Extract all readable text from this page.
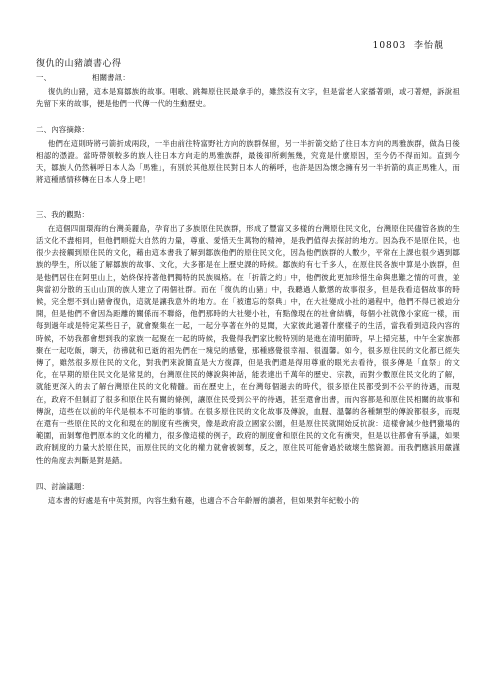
10803 李怡靚
復仇的山豬讀書心得
一、	相關書訊：

復仇的山豬，這本是寫鄒族的故事。唱歌、跳舞原住民最拿手的，雖然沒有文字，但是當老人家播著頭，或刁著煙，訴說祖先留下來的故事，便是他們一代傳一代的生動歷史。

二、內容摘錄：

他們在這則時將弓箭折成兩段，一半由前往特富野社方向的族群保留，另一半折箭交給了往日本方向的馬雅族群，做為日後相認的憑證。當時帶領較多的族人往日本方向走的馬雅族群，最後卻所剩無幾，究竟是什麼原因，至今仍不得而知。直到今天，鄒族人仍然稱呼日本人為「馬雅」，有別於其他原住民對日本人的稱呼，也許是因為懷念擁有另一半折箭的真正馬雅人，而將這種感情移轉在日本人身上吧！

三、我的觀點：

在這個四面環海的台灣美麗島，孕育出了多族原住民族群，形成了豐富又多樣的台灣原住民文化，台灣原住民儘管各族的生活文化不盡相同，但他們順從大自然的力量，尊重、愛惜天生萬物的精神，是我們值得去探討的地方。因為我不是原住民，也很少去接觸到原住民的文化，藉由這本書我了解到鄒族他們的原住民文化，因為他們族群的人數少，平常在上課也很少遇到鄒族的學生，所以能了解鄒族的故事、文化，大多都是在上歷史課的時候。鄒族約有七千多人，在原住民各族中算是小族群，但是他們居住在阿里山上，始終保持著他們獨特的民族風格。在「折箭之約」中，他們彼此更加珍惜生命與患難之情的可貴，並與當初分散的玉山山頂的族人建立了兩個社群。而在「復仇的山豬」中，我聽過人歡懲的故事很多，但是我看這個故事的時候，完全想不到山豬會復仇，這就是讓我意外的地方。在「被遺忘的祭典」中，在大社變成小社的過程中，他們不得已被迫分開，但是他們不會因為距離的關係而不聯絡，他們那時的大社變小社，有點像現在的社會結構，每個小社就像小家庭一樣，而每到過年或是特定某些日子，就會聚集在一起，一起分享著在外的見聞，大家彼此過著什麼樣子的生活，當我看到這段內容的時候，不妨我都會想到我的家族一起聚在一起的時候，我覺得我們家比較特別的是進在清明節時，早上掃完墓，中午全家族都聚在一起吃飯，聊天，彷彿就和已逝的祖先們在一塊兒的感覺，那種感覺很幸福、很溫馨。如今，很多原住民的文化都已經失傳了，雖然很多原住民的文化，對我們來說簡直是大方復譯，但是我們還是得用尊重的眼光去看待，很多傳是「血祭」的文化，在早期的原住民文化是常見的，台灣原住民的傳說與神話，能表達出千萬年的歷史、宗教，而對少數原住民文化的了解，就能更深入的去了解台灣原住民的文化精髓。而在歷史上，在台灣每個過去的時代，很多原住民都受到不公平的待遇，而現在，政府不但制訂了很多和原住民有關的條例，讓原住民受到公平的待遇，甚至還會出書，而內容都是和原住民相關的故事和傳說，這些在以前的年代是根本不可能的事情。在很多原住民的文化故事及傳說，血腥、溫馨的各種類型的傳說都很多，而現在還有一些原住民的文化和現在的制度有些衝突，像是政府設立國家公園，但是原住民就開始反抗說：這樣會減少他們獵場的範圍，而剝奪他們原本的文化的權力，很多像這樣的例子，政府的制度會和原住民的文化有衝突，但是以往都會有爭議，如果政府制度的力量大於原住民，而原住民的文化的權力就會被剝奪，反之，原住民可能會過於破壞生態資源。而我們應該用嚴謹性的角度去判斷是對是錯。

四、討論議題：

這本書的好處是有中英對照，內容生動有趣，也適合不合年齡層的讀者，但如果對年紀較小的
